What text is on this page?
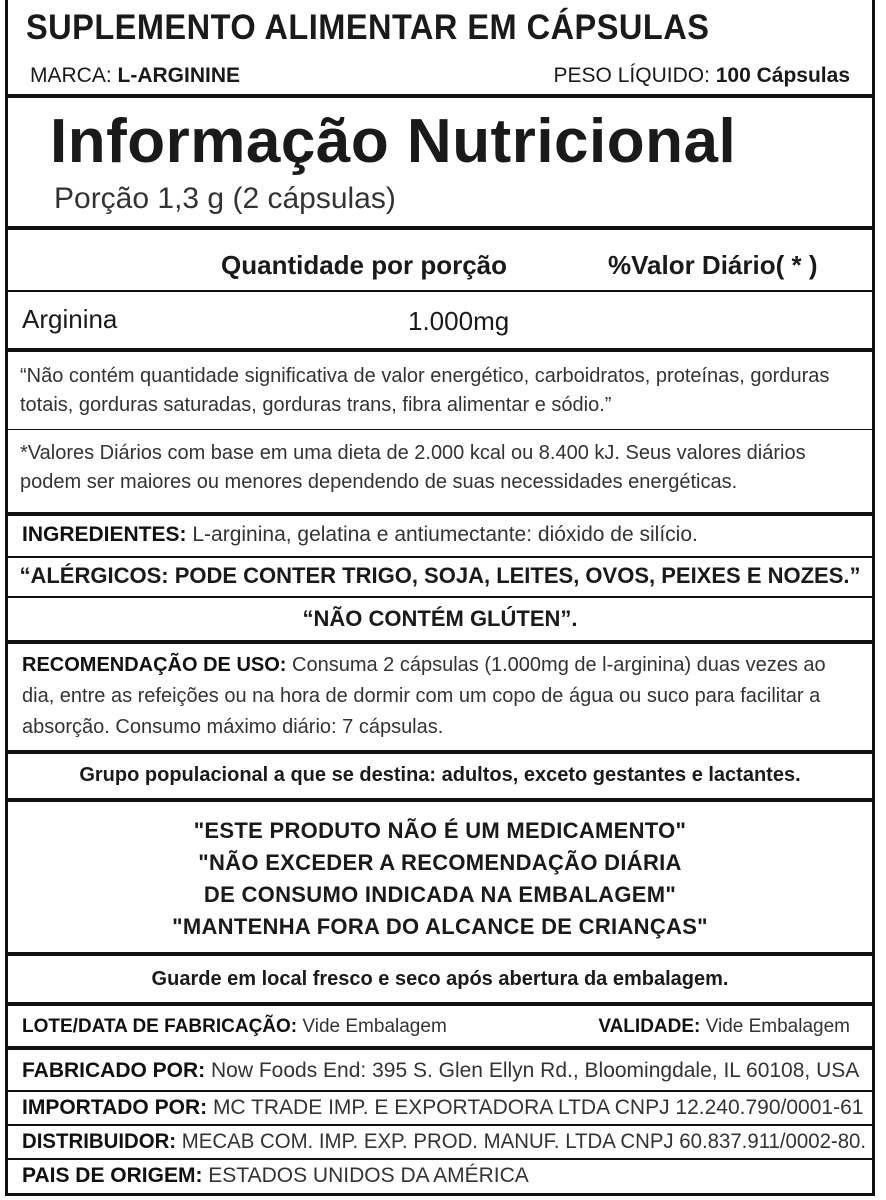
SUPLEMENTO ALIMENTAR EM CÁPSULAS
MARCA: L-ARGININE	PESO LÍQUIDO: 100 Cápsulas
Informação Nutricional
Porção 1,3 g (2 cápsulas)
Quantidade por porção	%Valor Diário( * )
Arginina	1.000mg
“Não contém quantidade significativa de valor energético, carboidratos, proteínas, gorduras totais, gorduras saturadas, gorduras trans, fibra alimentar e sódio.”
*Valores Diários com base em uma dieta de 2.000 kcal ou 8.400 kJ. Seus valores diários podem ser maiores ou menores dependendo de suas necessidades energéticas.
INGREDIENTES: L-arginina, gelatina e antiumectante: dióxido de silício.
“ALÉRGICOS: PODE CONTER TRIGO, SOJA, LEITES, OVOS, PEIXES E NOZES.”
“NÃO CONTÉM GLÚTEN”.
RECOMENDAÇÃO DE USO: Consuma 2 cápsulas (1.000mg de l-arginina) duas vezes ao dia, entre as refeições ou na hora de dormir com um copo de água ou suco para facilitar a absorção. Consumo máximo diário: 7 cápsulas.
Grupo populacional a que se destina: adultos, exceto gestantes e lactantes.
"ESTE PRODUTO NÃO É UM MEDICAMENTO"
"NÃO EXCEDER A RECOMENDAÇÃO DIÁRIA
DE CONSUMO INDICADA NA EMBALAGEM"
"MANTENHA FORA DO ALCANCE DE CRIANÇAS"
Guarde em local fresco e seco após abertura da embalagem.
LOTE/DATA DE FABRICAÇÃO: Vide Embalagem	VALIDADE: Vide Embalagem
FABRICADO POR: Now Foods End: 395 S. Glen Ellyn Rd., Bloomingdale, IL 60108, USA
IMPORTADO POR: MC TRADE IMP. E EXPORTADORA LTDA CNPJ 12.240.790/0001-61
DISTRIBUIDOR: MECAB COM. IMP. EXP. PROD. MANUF. LTDA CNPJ 60.837.911/0002-80.
PAIS DE ORIGEM: ESTADOS UNIDOS DA AMÉRICA
